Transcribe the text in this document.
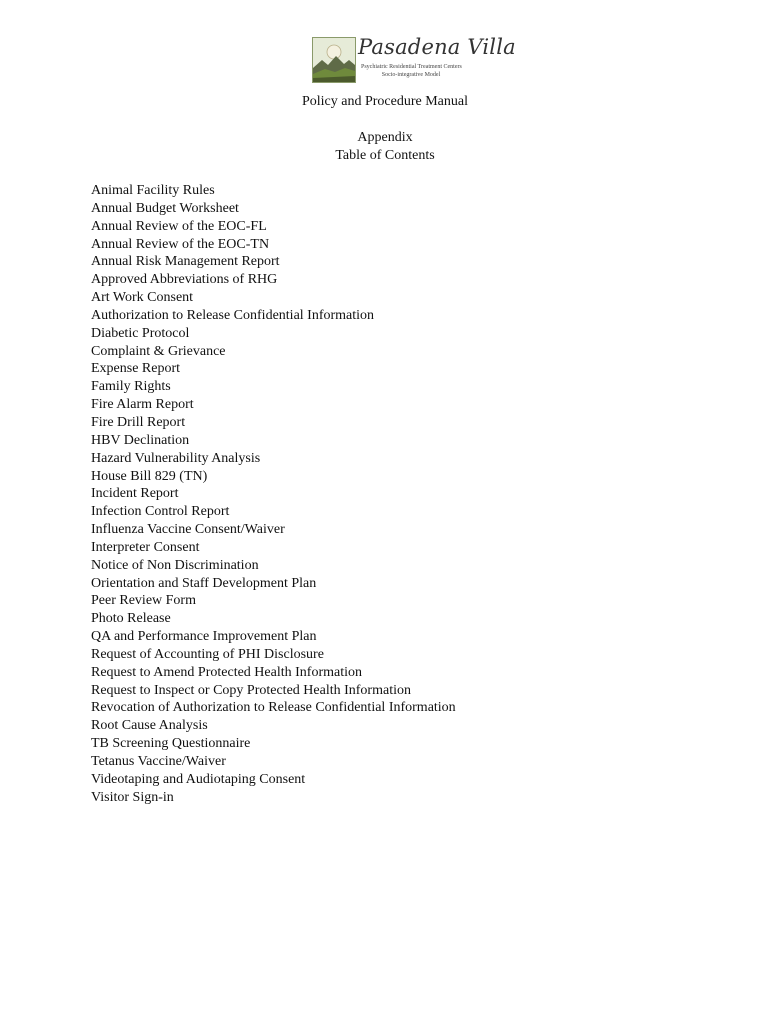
Pasadena Villa
Psychiatric Residential Treatment Centers
Socio-integrative Model
Policy and Procedure Manual
Appendix
Table of Contents
Animal Facility Rules
Annual Budget Worksheet
Annual Review of the EOC-FL
Annual Review of the EOC-TN
Annual Risk Management Report
Approved Abbreviations of RHG
Art Work Consent
Authorization to Release Confidential Information
Diabetic Protocol
Complaint & Grievance
Expense Report
Family Rights
Fire Alarm Report
Fire Drill Report
HBV Declination
Hazard Vulnerability Analysis
House Bill 829 (TN)
Incident Report
Infection Control Report
Influenza Vaccine Consent/Waiver
Interpreter Consent
Notice of Non Discrimination
Orientation and Staff Development Plan
Peer Review Form
Photo Release
QA and Performance Improvement Plan
Request of Accounting of PHI Disclosure
Request to Amend Protected Health Information
Request to Inspect or Copy Protected Health Information
Revocation of Authorization to Release Confidential Information
Root Cause Analysis
TB Screening Questionnaire
Tetanus Vaccine/Waiver
Videotaping and Audiotaping Consent
Visitor Sign-in
